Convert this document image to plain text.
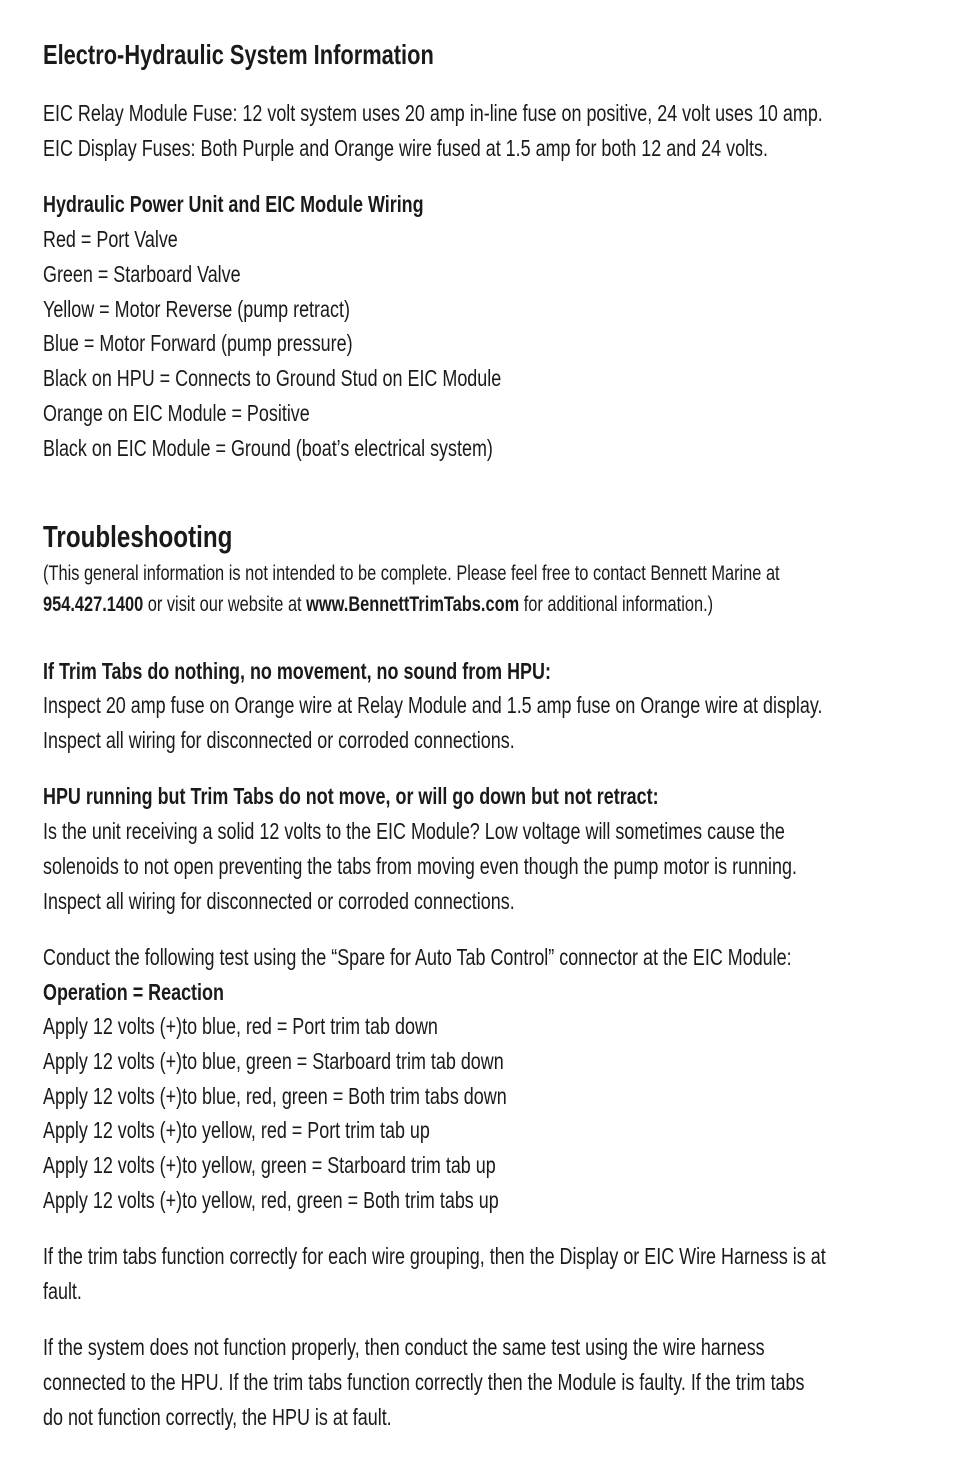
Electro-Hydraulic System Information
EIC Relay Module Fuse: 12 volt system uses 20 amp in-line fuse on positive, 24 volt uses 10 amp.
EIC Display Fuses: Both Purple and Orange wire fused at 1.5 amp for both 12 and 24 volts.
Hydraulic Power Unit and EIC Module Wiring
Red = Port Valve
Green = Starboard Valve
Yellow = Motor Reverse (pump retract)
Blue = Motor Forward (pump pressure)
Black on HPU = Connects to Ground Stud on EIC Module
Orange on EIC Module = Positive
Black on EIC Module = Ground (boat’s electrical system)
Troubleshooting
(This general information is not intended to be complete. Please feel free to contact Bennett Marine at
954.427.1400 or visit our website at www.BennettTrimTabs.com for additional information.)
If Trim Tabs do nothing, no movement, no sound from HPU:
Inspect 20 amp fuse on Orange wire at Relay Module and 1.5 amp fuse on Orange wire at display.
Inspect all wiring for disconnected or corroded connections.
HPU running but Trim Tabs do not move, or will go down but not retract:
Is the unit receiving a solid 12 volts to the EIC Module? Low voltage will sometimes cause the
solenoids to not open preventing the tabs from moving even though the pump motor is running.
Inspect all wiring for disconnected or corroded connections.
Conduct the following test using the “Spare for Auto Tab Control” connector at the EIC Module:
Operation = Reaction
Apply 12 volts (+)to blue, red = Port trim tab down
Apply 12 volts (+)to blue, green = Starboard trim tab down
Apply 12 volts (+)to blue, red, green = Both trim tabs down
Apply 12 volts (+)to yellow, red = Port trim tab up
Apply 12 volts (+)to yellow, green = Starboard trim tab up
Apply 12 volts (+)to yellow, red, green = Both trim tabs up
If the trim tabs function correctly for each wire grouping, then the Display or EIC Wire Harness is at
fault.
If the system does not function properly, then conduct the same test using the wire harness
connected to the HPU. If the trim tabs function correctly then the Module is faulty. If the trim tabs
do not function correctly, the HPU is at fault.
